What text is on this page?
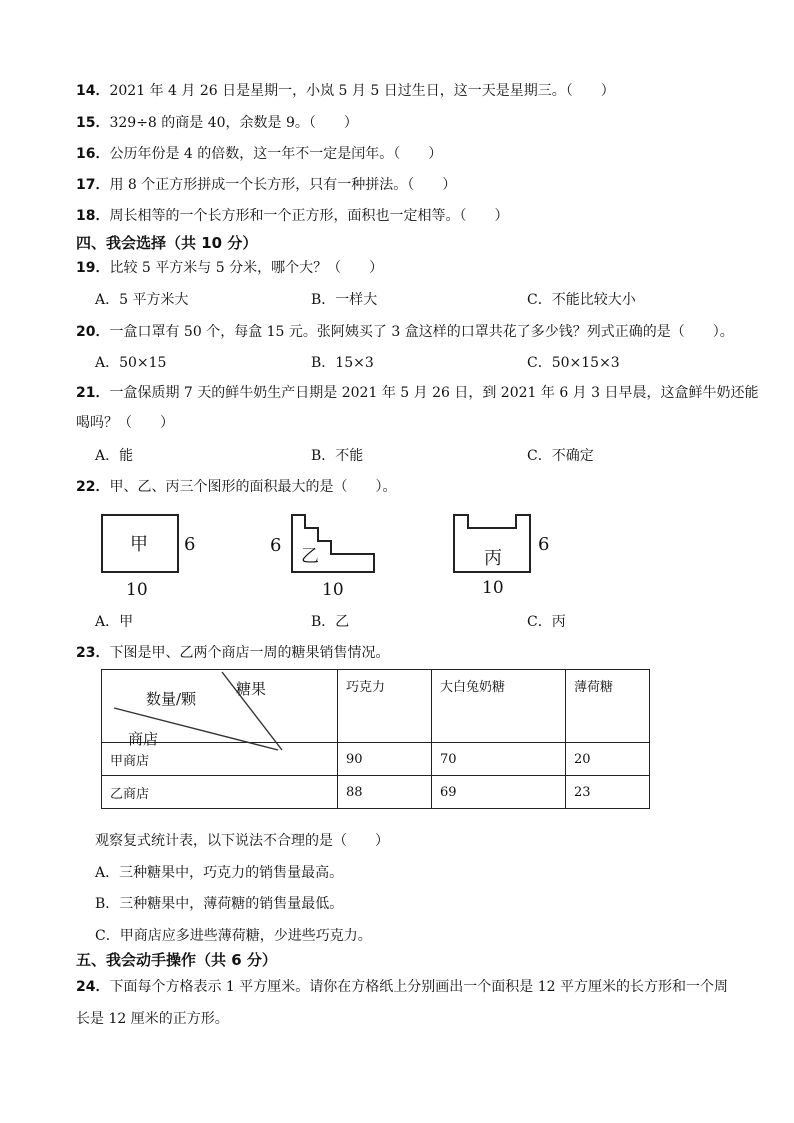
14．2021 年 4 月 26 日是星期一，小岚 5 月 5 日过生日，这一天是星期三。（　　）
15．329÷8 的商是 40，余数是 9。（　　）
16．公历年份是 4 的倍数，这一年不一定是闰年。（　　）
17．用 8 个正方形拼成一个长方形，只有一种拼法。（　　）
18．周长相等的一个长方形和一个正方形，面积也一定相等。（　　）
四、我会选择（共 10 分）
19．比较 5 平方米与 5 分米，哪个大？（　　）
A．5 平方米大	B．一样大	C．不能比较大小
20．一盒口罩有 50 个，每盒 15 元。张阿姨买了 3 盒这样的口罩共花了多少钱？列式正确的是（　　）。
A．50×15	B．15×3	C．50×15×3
21．一盒保质期 7 天的鲜牛奶生产日期是 2021 年 5 月 26 日，到 2021 年 6 月 3 日早晨，这盒鲜牛奶还能
喝吗？（　　）
A．能	B．不能	C．不确定
22．甲、乙、丙三个图形的面积最大的是（　　）。
甲 6
10
6
乙
10
丙
6
10
A．甲	B．乙	C．丙
23．下图是甲、乙两个商店一周的糖果销售情况。
糖果
数量/颗
商店	巧克力	大白兔奶糖	薄荷糖
甲商店	90	70	20
乙商店	88	69	23
观察复式统计表，以下说法不合理的是（　　）
A．三种糖果中，巧克力的销售量最高。
B．三种糖果中，薄荷糖的销售量最低。
C．甲商店应多进些薄荷糖，少进些巧克力。
五、我会动手操作（共 6 分）
24．下面每个方格表示 1 平方厘米。请你在方格纸上分别画出一个面积是 12 平方厘米的长方形和一个周
长是 12 厘米的正方形。
